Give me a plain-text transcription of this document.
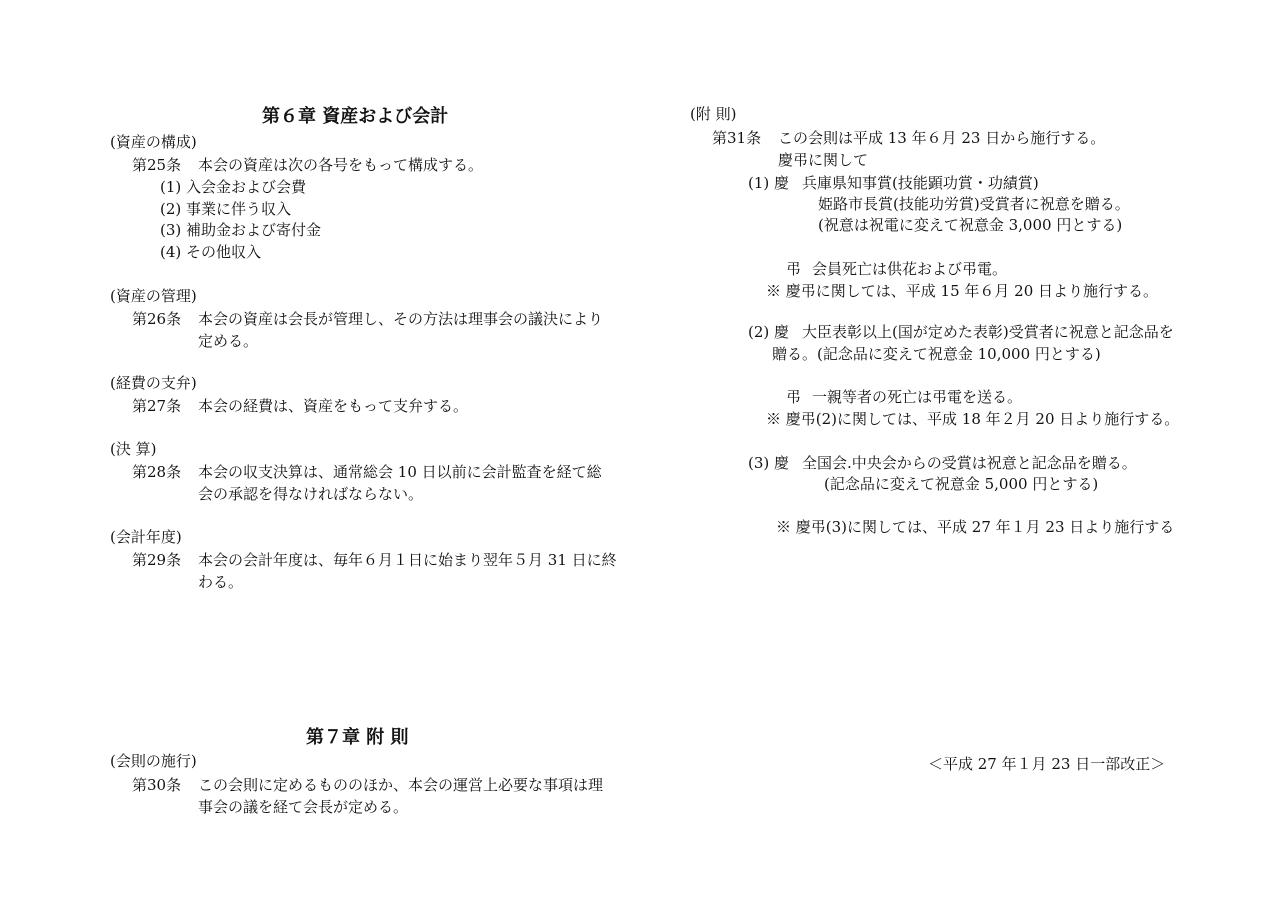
第６章 資産および会計
(資産の構成)
第25条 本会の資産は次の各号をもって構成する。
(1) 入会金および会費
(2) 事業に伴う収入
(3) 補助金および寄付金
(4) その他収入
(資産の管理)
第26条 本会の資産は会長が管理し、その方法は理事会の議決により
定める。
(経費の支弁)
第27条 本会の経費は、資産をもって支弁する。
(決 算)
第28条 本会の収支決算は、通常総会 10 日以前に会計監査を経て総
会の承認を得なければならない。
(会計年度)
第29条 本会の会計年度は、毎年６月１日に始まり翌年５月 31 日に終
わる。
第７章 附 則
(会則の施行)
第30条 この会則に定めるもののほか、本会の運営上必要な事項は理
事会の議を経て会長が定める。
(附 則)
第31条 この会則は平成 13 年６月 23 日から施行する。
慶弔に関して
(1) 慶 兵庫県知事賞(技能顕功賞・功績賞)
姫路市長賞(技能功労賞)受賞者に祝意を贈る。
(祝意は祝電に変えて祝意金 3,000 円とする)
弔 会員死亡は供花および弔電。
※ 慶弔に関しては、平成 15 年６月 20 日より施行する。
(2) 慶 大臣表彰以上(国が定めた表彰)受賞者に祝意と記念品を
贈る。(記念品に変えて祝意金 10,000 円とする)
弔 一親等者の死亡は弔電を送る。
※ 慶弔(2)に関しては、平成 18 年２月 20 日より施行する。
(3) 慶 全国会.中央会からの受賞は祝意と記念品を贈る。
(記念品に変えて祝意金 5,000 円とする)
※ 慶弔(3)に関しては、平成 27 年１月 23 日より施行する
＜平成 27 年１月 23 日一部改正＞
